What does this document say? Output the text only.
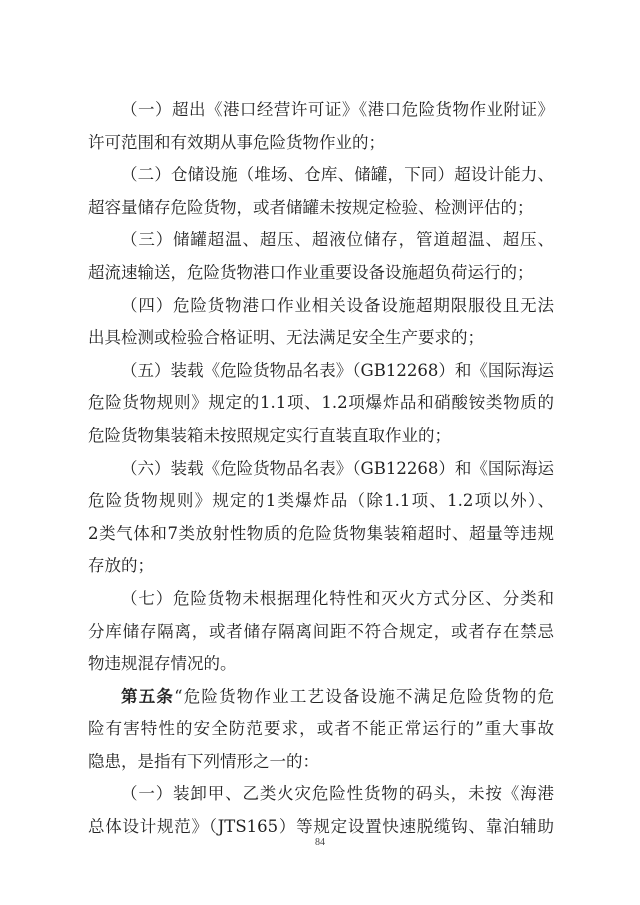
（一）超出《港口经营许可证》《港口危险货物作业附证》
许可范围和有效期从事危险货物作业的；
（二）仓储设施（堆场、仓库、储罐，下同）超设计能力、
超容量储存危险货物，或者储罐未按规定检验、检测评估的；
（三）储罐超温、超压、超液位储存，管道超温、超压、
超流速输送，危险货物港口作业重要设备设施超负荷运行的；
（四）危险货物港口作业相关设备设施超期限服役且无法
出具检测或检验合格证明、无法满足安全生产要求的；
（五）装载《危险货物品名表》（GB12268）和《国际海运
危险货物规则》规定的1.1项、1.2项爆炸品和硝酸铵类物质的
危险货物集装箱未按照规定实行直装直取作业的；
（六）装载《危险货物品名表》（GB12268）和《国际海运
危险货物规则》规定的1类爆炸品（除1.1项、1.2项以外）、
2类气体和7类放射性物质的危险货物集装箱超时、超量等违规
存放的；
（七）危险货物未根据理化特性和灭火方式分区、分类和
分库储存隔离，或者储存隔离间距不符合规定，或者存在禁忌
物违规混存情况的。
第五条“危险货物作业工艺设备设施不满足危险货物的危
险有害特性的安全防范要求，或者不能正常运行的”重大事故
隐患，是指有下列情形之一的：
（一）装卸甲、乙类火灾危险性货物的码头，未按《海港
总体设计规范》（JTS165）等规定设置快速脱缆钩、靠泊辅助
84
